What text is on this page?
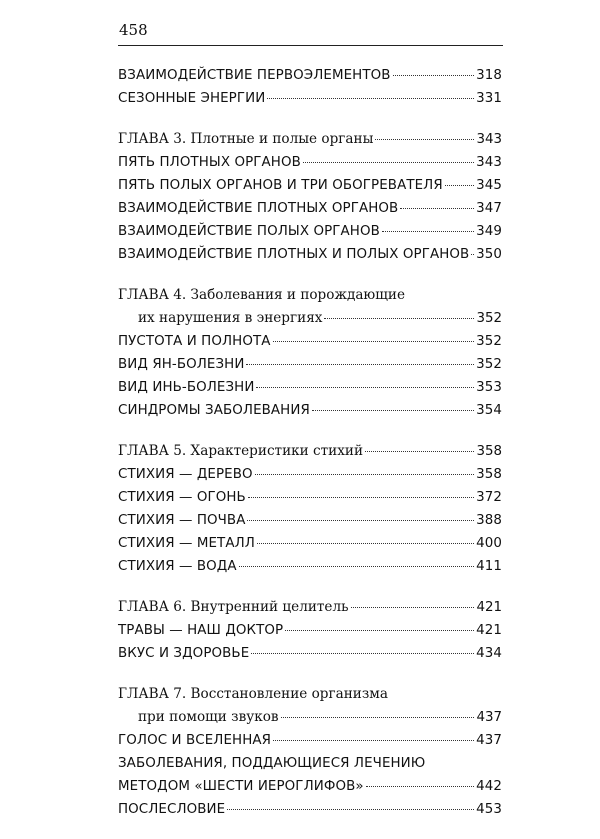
458
ВЗАИМОДЕЙСТВИЕ ПЕРВОЭЛЕМЕНТОВ	318
СЕЗОННЫЕ ЭНЕРГИИ	331
ГЛАВА 3. Плотные и полые органы	343
ПЯТЬ ПЛОТНЫХ ОРГАНОВ	343
ПЯТЬ ПОЛЫХ ОРГАНОВ И ТРИ ОБОГРЕВАТЕЛЯ 345
ВЗАИМОДЕЙСТВИЕ ПЛОТНЫХ ОРГАНОВ	347
ВЗАИМОДЕЙСТВИЕ ПОЛЫХ ОРГАНОВ	349
ВЗАИМОДЕЙСТВИЕ ПЛОТНЫХ И ПОЛЫХ ОРГАНОВ 350
ГЛАВА 4. Заболевания и порождающие
их нарушения в энергиях	352
ПУСТОТА И ПОЛНОТА	352
ВИД ЯН-БОЛЕЗНИ	352
ВИД ИНЬ-БОЛЕЗНИ	353
СИНДРОМЫ ЗАБОЛЕВАНИЯ	354
ГЛАВА 5. Характеристики стихий	358
СТИХИЯ — ДЕРЕВО	358
СТИХИЯ — ОГОНЬ	372
СТИХИЯ — ПОЧВА	388
СТИХИЯ — МЕТАЛЛ	400
СТИХИЯ — ВОДА	411
ГЛАВА 6. Внутренний целитель	421
ТРАВЫ — НАШ ДОКТОР	421
ВКУС И ЗДОРОВЬЕ	434
ГЛАВА 7. Восстановление организма
при помощи звуков	437
ГОЛОС И ВСЕЛЕННАЯ	437
ЗАБОЛЕВАНИЯ, ПОДДАЮЩИЕСЯ ЛЕЧЕНИЮ
МЕТОДОМ «ШЕСТИ ИЕРОГЛИФОВ»	442
ПОСЛЕСЛОВИЕ	453
